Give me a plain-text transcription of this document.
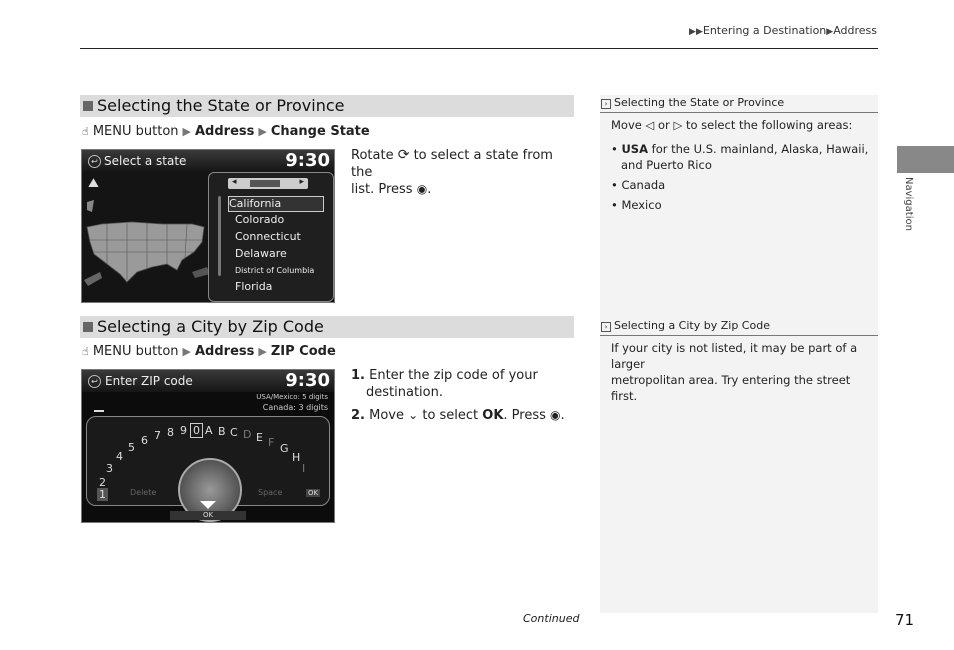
▶▶Entering a Destination▶Address
Selecting the State or Province
☝ MENU button ▶ Address ▶ Change State
↩ Select a state	9:30
⛰	◂	▸
California
Colorado
Connecticut
Delaware
District of Columbia
Florida
Rotate ⟳ to select a state from the
list. Press ◉.
Selecting a City by Zip Code
☝ MENU button ▶ Address ▶ ZIP Code
↩ Enter ZIP code	9:30
USA/Mexico: 5 digits
Canada: 3 digits
1
2
3
4
5
6 7 8 9 0 A B C D E F G
H
I
Delete	Space	OK
OK
1. Enter the zip code of your
destination.
2. Move ⌄ to select OK. Press ◉.
› Selecting the State or Province
Move ◁ or ▷ to select the following areas:
• USA for the U.S. mainland, Alaska, Hawaii,
and Puerto Rico
• Canada
• Mexico
› Selecting a City by Zip Code
If your city is not listed, it may be part of a larger
metropolitan area. Try entering the street first.
Navigation
Continued	71
